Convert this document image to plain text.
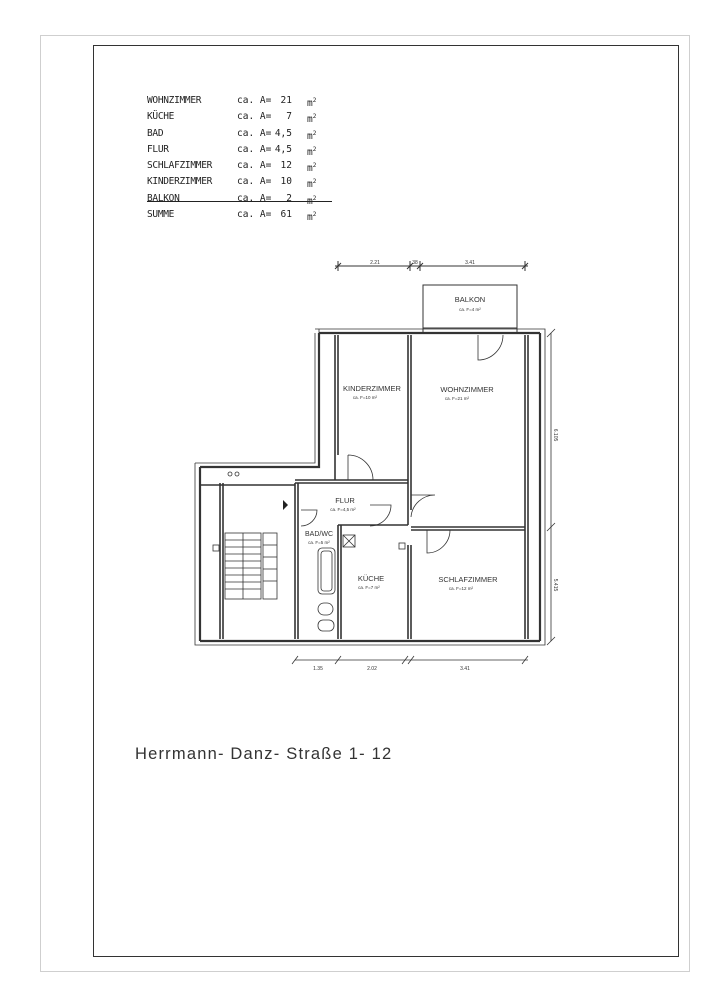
WOHNZIMMER	ca. A= 21 $m^2$
KÜCHE	ca. A=	7 $m^2$
BAD	ca. A= 4,5 $m^2$
FLUR	ca. A= 4,5 $m^2$
SCHLAFZIMMER	ca. A= 12 $m^2$
KINDERZIMMER	ca. A= 10 $m^2$
BALKON	ca. A=	2 $m^2$
SUMME	ca. A= 61 $m^2$
BALKON
ca. F=4 m²
KINDERZIMMER
ca. F=10 m²
WOHNZIMMER
ca. F=21 m²
FLUR
ca. F=4,5 m²
BAD/WC
ca. F=5 m²
KÜCHE
ca. F=7 m²
SCHLAFZIMMER
ca. F=12 m²
2.21	38	3.41
1.35	2.02	3.41
6.105
5.415
Herrmann- Danz- Straße 1- 12
